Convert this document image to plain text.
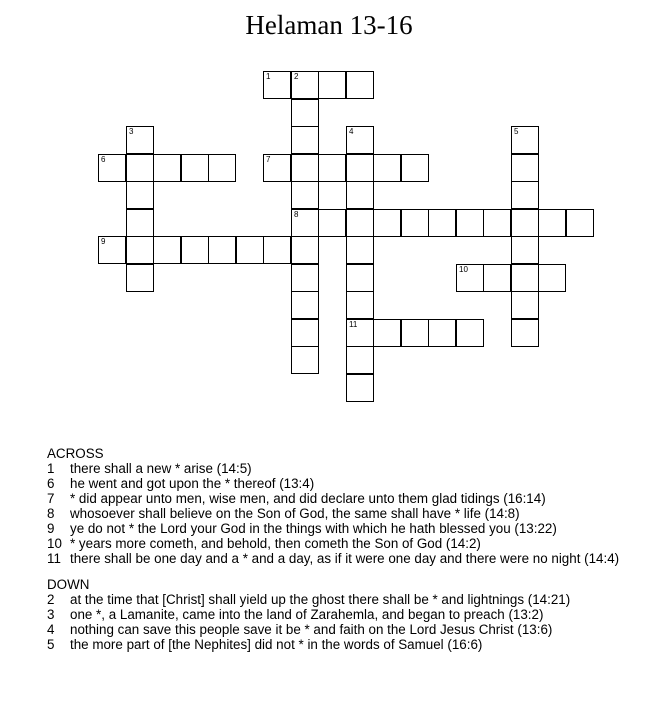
Helaman 13-16
1	2
8
3	4
11
5
6	7
9
10
ACROSS
1	there shall a new * arise (14:5)
6	he went and got upon the * thereof (13:4)
7	* did appear unto men, wise men, and did declare unto them glad tidings (16:14)
8	whosoever shall believe on the Son of God, the same shall have * life (14:8)
9	ye do not * the Lord your God in the things with which he hath blessed you (13:22)
10 * years more cometh, and behold, then cometh the Son of God (14:2)
11 there shall be one day and a * and a day, as if it were one day and there were no night (14:4)
DOWN
2	at the time that [Christ] shall yield up the ghost there shall be * and lightnings (14:21)
3	one *, a Lamanite, came into the land of Zarahemla, and began to preach (13:2)
4	nothing can save this people save it be * and faith on the Lord Jesus Christ (13:6)
5	the more part of [the Nephites] did not * in the words of Samuel (16:6)
